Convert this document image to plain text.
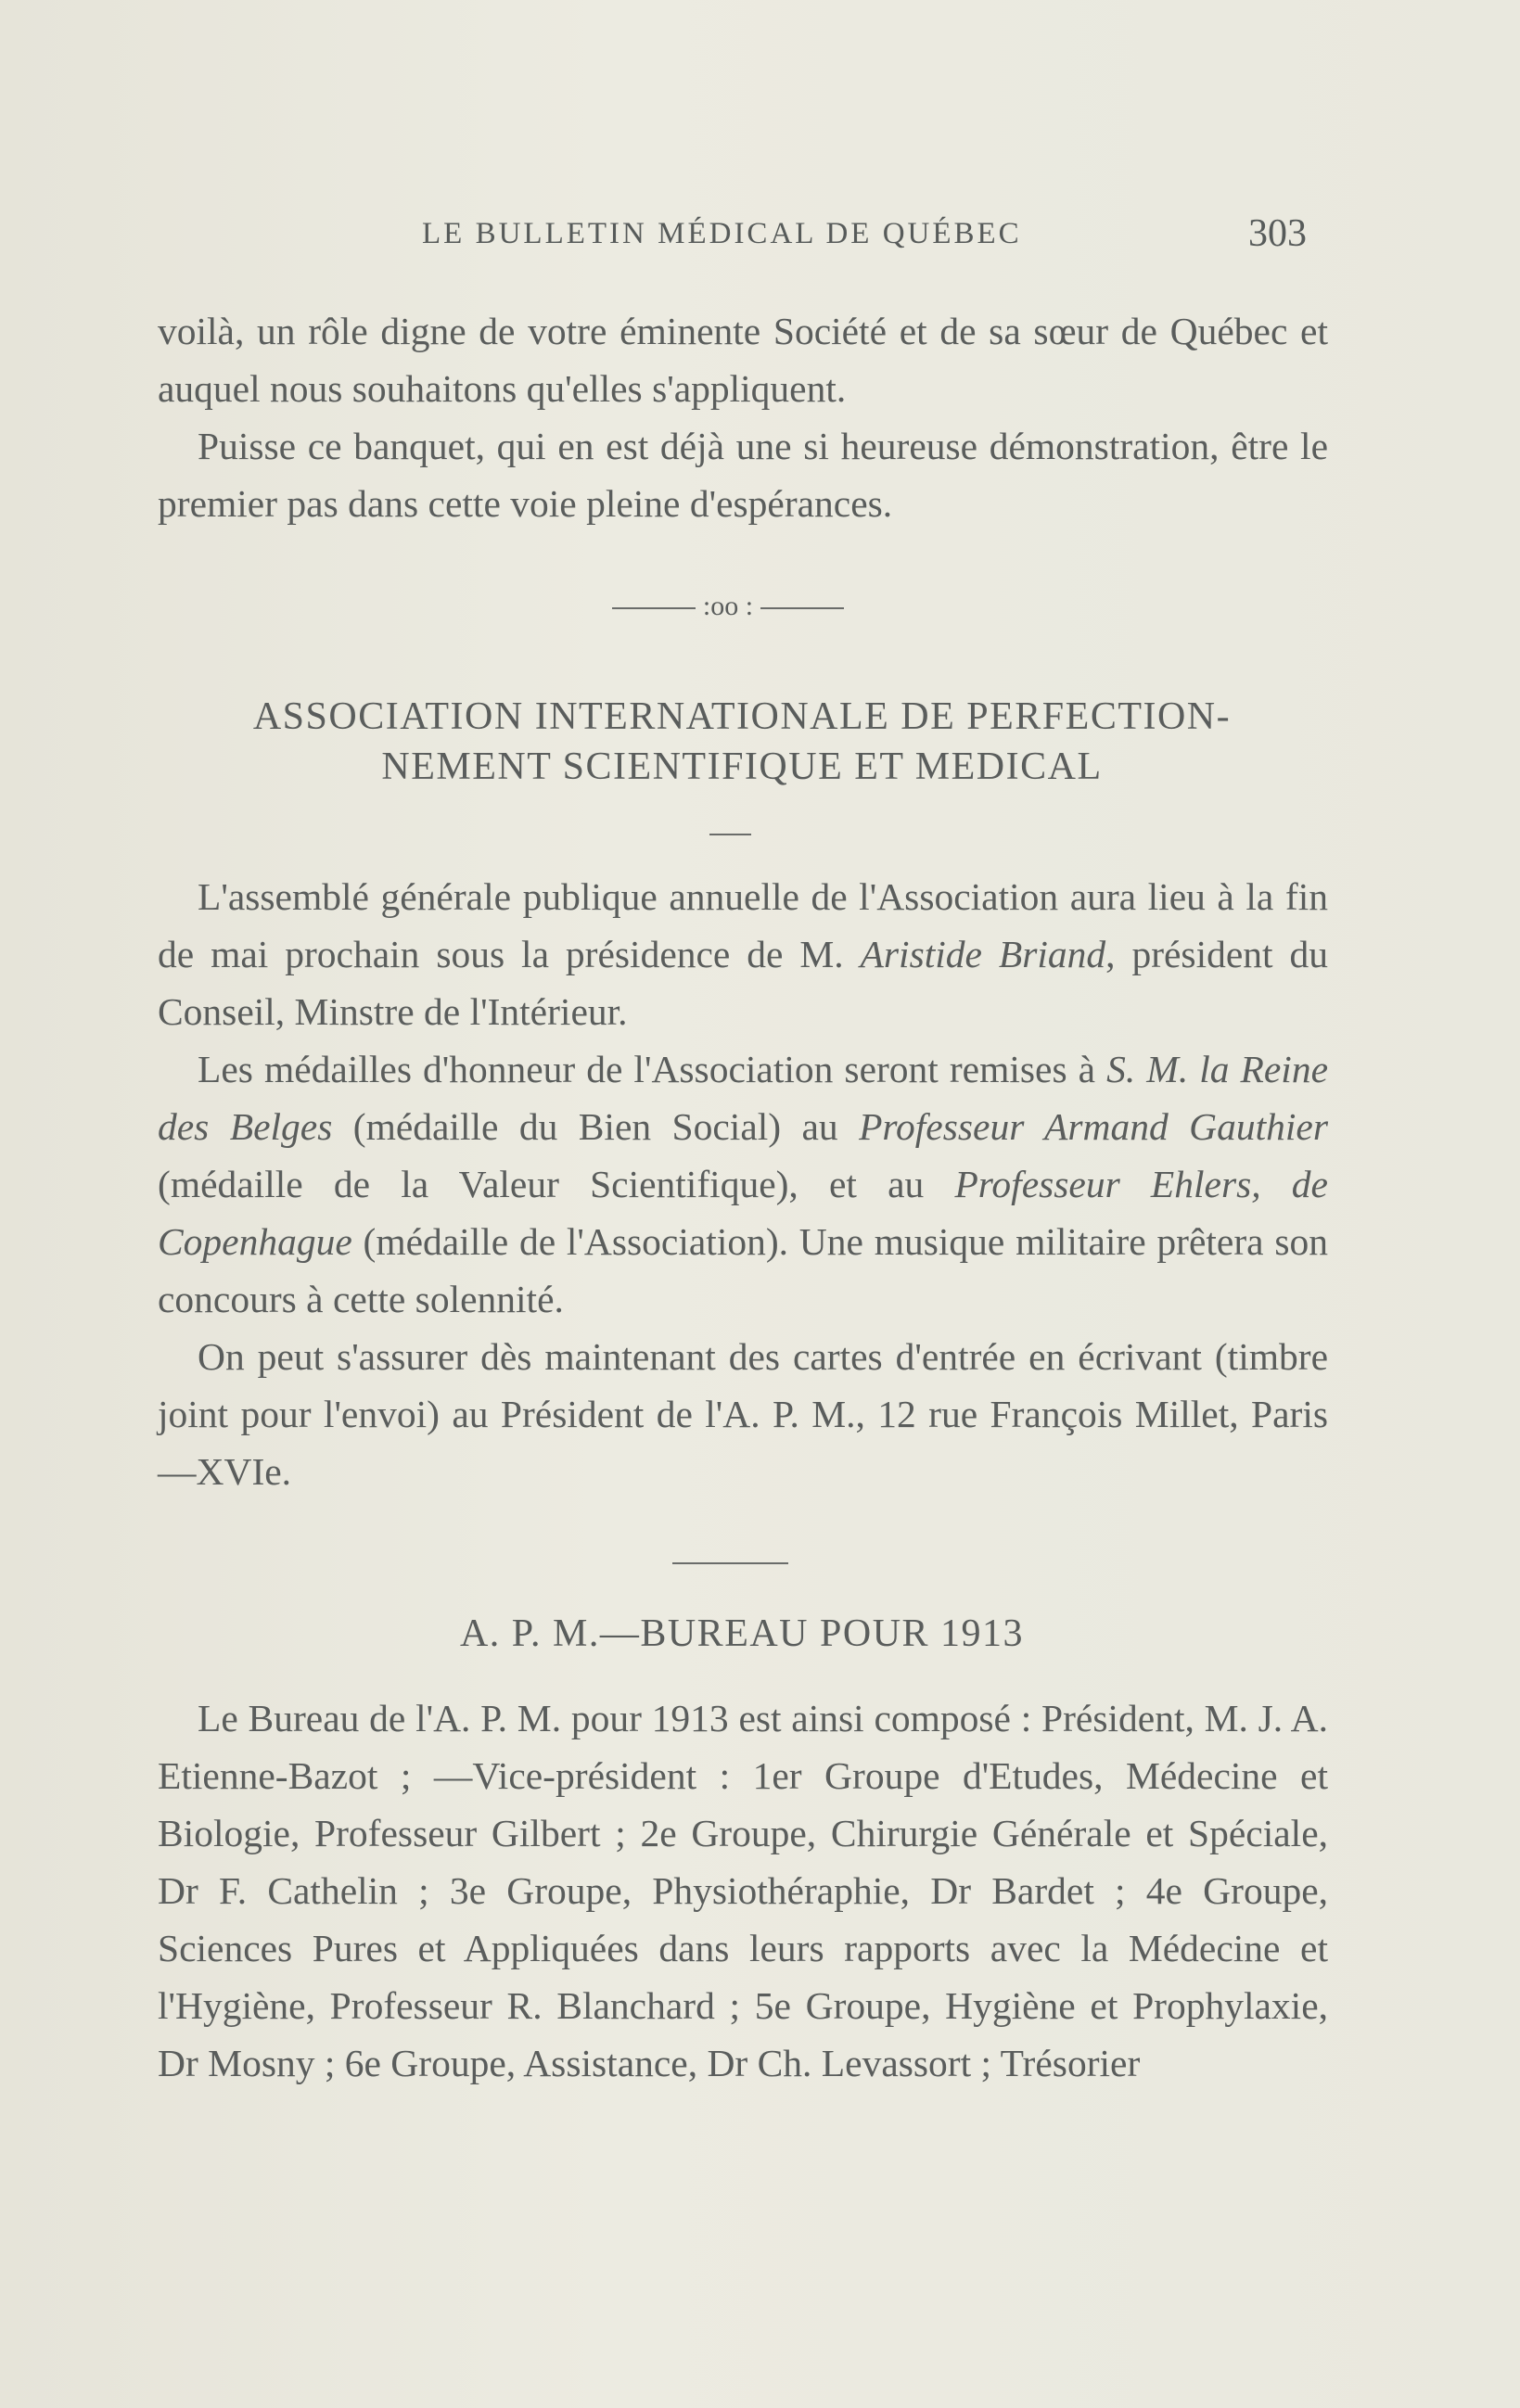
LE BULLETIN MÉDICAL DE QUÉBEC	303

voilà, un rôle digne de votre éminente Société et de sa sœur de Québec et auquel nous souhaitons qu'elles s'appliquent.

Puisse ce banquet, qui en est déjà une si heureuse démonstration, être le premier pas dans cette voie pleine d'espérances.

:oo :
ASSOCIATION INTERNATIONALE DE PERFECTION-
NEMENT SCIENTIFIQUE ET MEDICAL

L'assemblé générale publique annuelle de l'Association aura lieu à la fin de mai prochain sous la présidence de M. Aristide Briand, président du Conseil, Minstre de l'Intérieur.

Les médailles d'honneur de l'Association seront remises à S. M. la Reine des Belges (médaille du Bien Social) au Professeur Armand Gauthier (médaille de la Valeur Scientifique), et au Professeur Ehlers, de Copenhague (médaille de l'Association). Une musique militaire prêtera son concours à cette solennité.

On peut s'assurer dès maintenant des cartes d'entrée en écrivant (timbre joint pour l'envoi) au Président de l'A. P. M., 12 rue François Millet, Paris—XVIe.

A. P. M.—BUREAU POUR 1913

Le Bureau de l'A. P. M. pour 1913 est ainsi composé : Président, M. J. A. Etienne-Bazot ; —Vice-président : 1er Groupe d'Etudes, Médecine et Biologie, Professeur Gilbert ; 2e Groupe, Chirurgie Générale et Spéciale, Dr F. Cathelin ; 3e Groupe, Physiothéraphie, Dr Bardet ; 4e Groupe, Sciences Pures et Appliquées dans leurs rapports avec la Médecine et l'Hygiène, Professeur R. Blanchard ; 5e Groupe, Hygiène et Prophylaxie, Dr Mosny ; 6e Groupe, Assistance, Dr Ch. Levassort ; Trésorier
